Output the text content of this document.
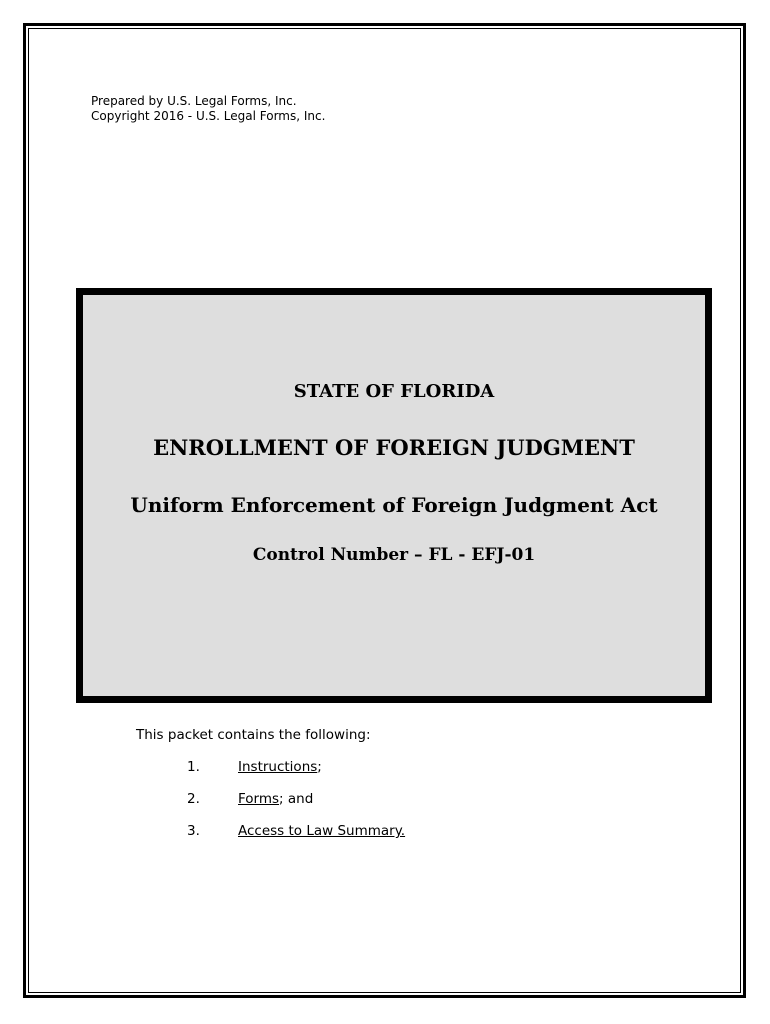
Prepared by U.S. Legal Forms, Inc.
Copyright 2016 - U.S. Legal Forms, Inc.
STATE OF FLORIDA
ENROLLMENT OF FOREIGN JUDGMENT
Uniform Enforcement of Foreign Judgment Act
Control Number – FL - EFJ-01
This packet contains the following:
1.	Instructions;
2.	Forms; and
3.	Access to Law Summary.
